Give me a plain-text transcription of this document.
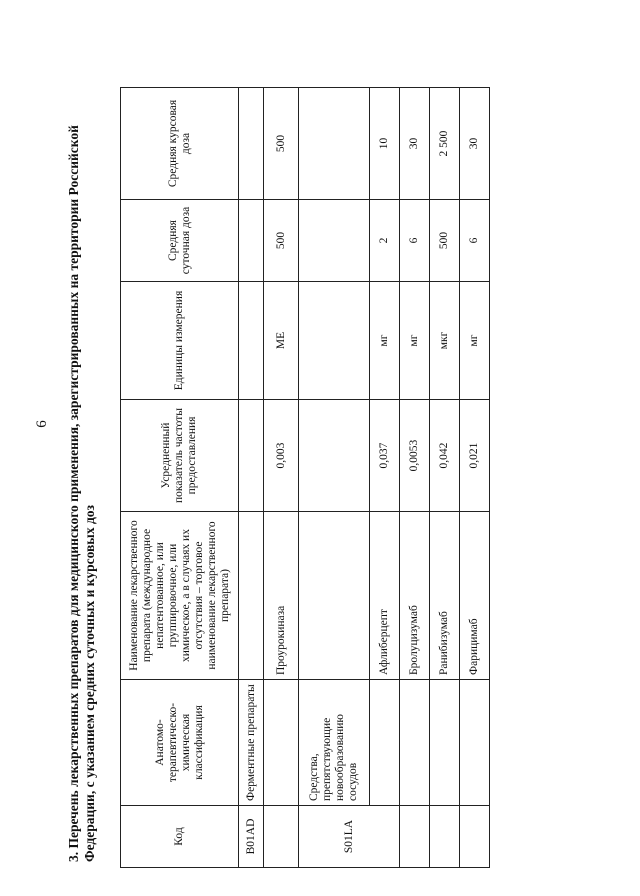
6 3. Перечень лекарственных препаратов для медицинского применения, зарегистрированных на территории Российской Федерации, с указанием средних суточных и курсовых доз	Код	Анатомо-терапевтическо-химическая классификация	Наименование лекарственного препарата (международное непатентованное, или группировочное, или химическое, а в случаях их отсутствия – торговое наименование лекарственного препарата)	Усредненный показатель частоты предоставления	Единицы измерения	Средняя суточная доза	Средняя курсовая доза
B01AD	Ферментные препараты					
		Проурокиназа	0,003	МЕ	500	500
S01LA	Средства, препятствующие новообразованию сосудов					
		Афлиберцепт	0,037	мг	2	10
		Бролуцизумаб	0,0053	мг	6	30
		Ранибизумаб	0,042	мкг	500	2 500
		Фарицимаб	0,021	мг	6	30
